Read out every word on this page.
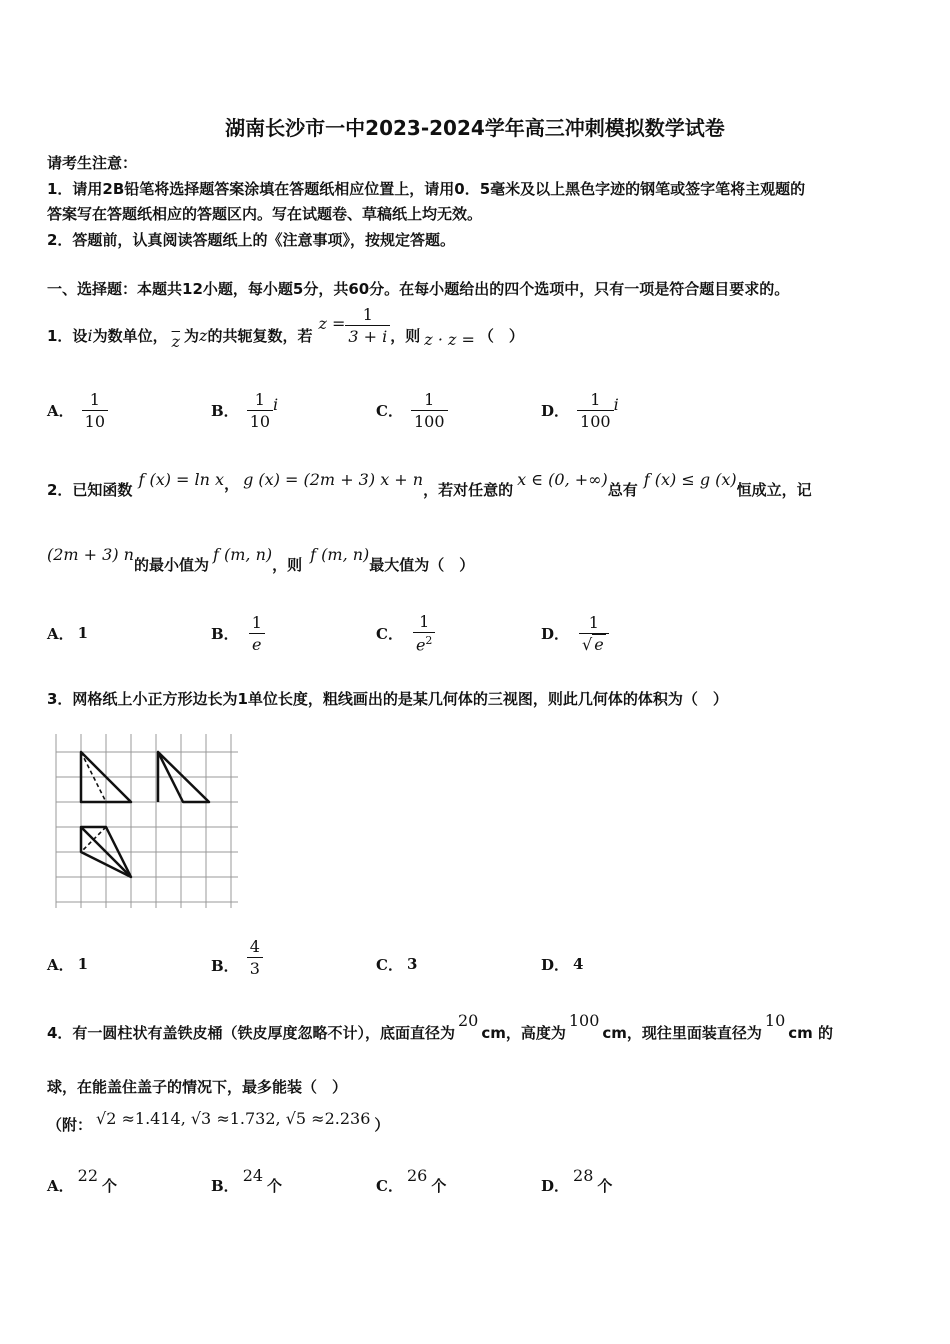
湖南长沙市一中2023-2024学年高三冲刺模拟数学试卷
请考生注意：
1．请用2B铅笔将选择题答案涂填在答题纸相应位置上，请用0．5毫米及以上黑色字迹的钢笔或签字笔将主观题的
答案写在答题纸相应的答题区内。写在试题卷、草稿纸上均无效。
2．答题前，认真阅读答题纸上的《注意事项》，按规定答题。
一、选择题：本题共12小题，每小题5分，共60分。在每小题给出的四个选项中，只有一项是符合题目要求的。
1．设 i 为数单位， $\overline{z}$ 为 z 的共轭复数，若
$z = \frac{1}{3 + i}$ ，则 z · z = （　）
A． $\frac{1}{10}$	B． $\frac{1}{10}$ i	C． $\frac{1}{100}$	D． $\frac{1}{100}$ i
2．已知函数
f (x) = ln x ， g (x) = (2m + 3) x + n
，若对任意的
x ∈ (0, +∞)
总有
f (x) ≤ g (x)
恒成立，记
(2m + 3) n
的最小值为
f (m, n)
，则
f (m, n)
最大值为（　）
A． 1	B． $\frac{1}{e}$	C． $\frac{1}{e^2}$	D． $\frac{1}{√ e}$
3．网格纸上小正方形边长为1单位长度，粗线画出的是某几何体的三视图，则此几何体的体积为（　）
A． 1	B． $\frac{4}{3}$	C． 3	D． 4
4．有一圆柱状有盖铁皮桶（铁皮厚度忽略不计），底面直径为
20
cm，高度为
100
cm，现往里面装直径为
10
cm 的
球，在能盖住盖子的情况下，最多能装（　）
（附： √2 ≈1.414, √3 ≈1.732, √5 ≈2.236 ）
A．
22
个	B．
24
个	C．
26
个	D．
28
个
